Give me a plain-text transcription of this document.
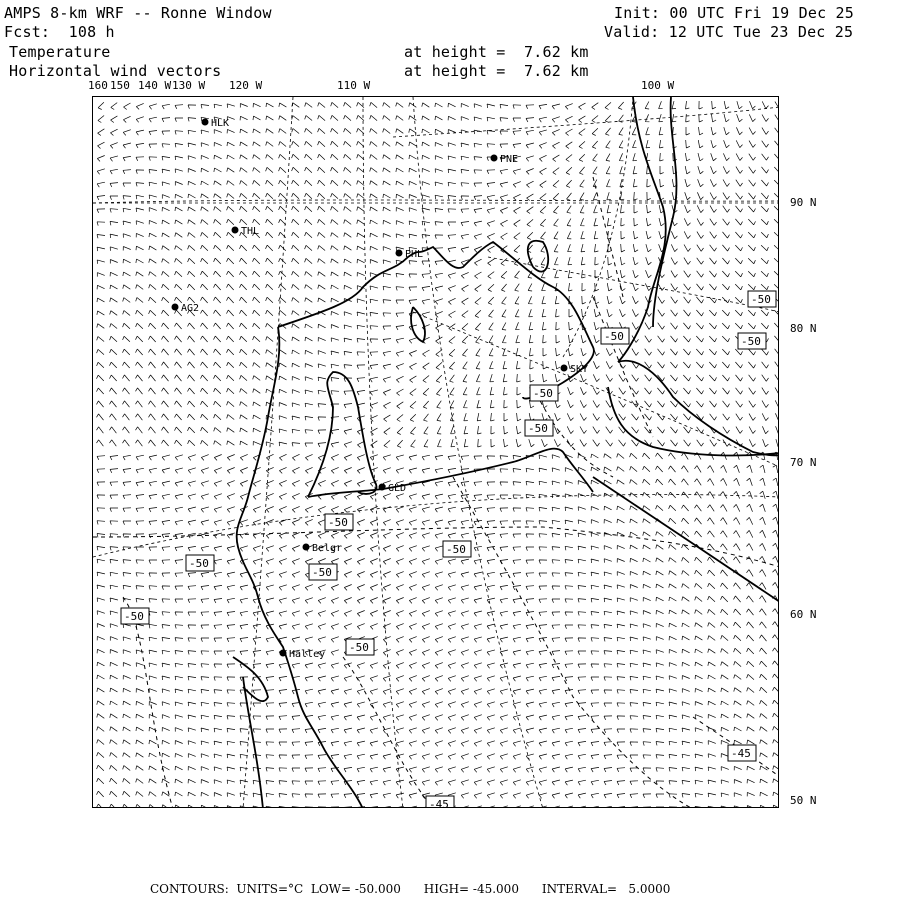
AMPS 8-km WRF -- Ronne Window
Fcst:  108 h
Init: 00 UTC Fri 19 Dec 25
Valid: 12 UTC Tue 23 Dec 25
Temperature
Horizontal wind vectors
at height =  7.62 km
at height =  7.62 km
160 150 140 W 130 W 120 W	110 W	100 W
90 N
80 N
70 N
60 N
50 N
HLK
PNE
THL
PHL
AG2
SKY
GLD
Belgr
Halley
-50
-50
-50
-50
-50
-50
-50
-50
-50
-50
-50
-45
-45
CONTOURS:  UNITS=°C  LOW= -50.000      HIGH= -45.000      INTERVAL=   5.0000
